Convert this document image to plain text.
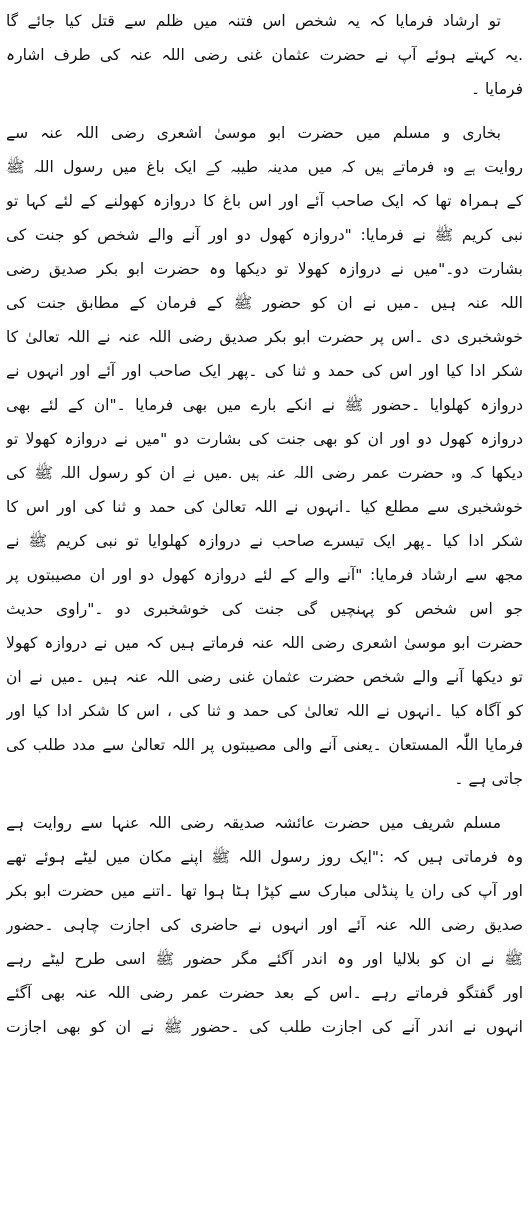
تو ارشاد فرمایا کہ یہ شخص اس فتنہ میں ظلم سے قتل کیا جائے گا
.یہ کہتے ہوئے آپ نے حضرت عثمان غنی رضی اللہ عنہ کی طرف اشارہ
فرمایا ۔
بخاری و مسلم میں حضرت ابو موسیٰ اشعری رضی اللہ عنہ سے
روایت ہے وہ فرماتے ہیں کہ میں مدینہ طیبہ کے ایک باغ میں رسول اللہ ﷺ
کے ہمراہ تھا کہ ایک صاحب آئے اور اس باغ کا دروازہ کھولنے کے لئے کہا تو
نبی کریم ﷺ نے فرمایا: "دروازہ کھول دو اور آنے والے شخص کو جنت کی
بشارت دو۔"میں نے دروازہ کھولا تو دیکھا وہ حضرت ابو بکر صدیق رضی
اللہ عنہ ہیں ۔میں نے ان کو حضور ﷺ کے فرمان کے مطابق جنت کی
خوشخبری دی ۔اس پر حضرت ابو بکر صدیق رضی اللہ عنہ نے اللہ تعالیٰ کا
شکر ادا کیا اور اس کی حمد و ثنا کی ۔پھر ایک صاحب اور آئے اور انہوں نے
دروازہ کھلوایا ۔حضور ﷺ نے انکے بارے میں بھی فرمایا ۔"ان کے لئے بھی
دروازہ کھول دو اور ان کو بھی جنت کی بشارت دو "میں نے دروازہ کھولا تو
دیکھا کہ وہ حضرت عمر رضی اللہ عنہ ہیں ۔میں نے ان کو رسول اللہ ﷺ کی
خوشخبری سے مطلع کیا ۔انہوں نے اللہ تعالیٰ کی حمد و ثنا کی اور اس کا
شکر ادا کیا ۔پھر ایک تیسرے صاحب نے دروازہ کھلوایا تو نبی کریم ﷺ نے
مجھ سے ارشاد فرمایا: "آنے والے کے لئے دروازہ کھول دو اور ان مصیبتوں پر
جو اس شخص کو پہنچیں گی جنت کی خوشخبری دو ۔"راوی حدیث
حضرت ابو موسیٰ اشعری رضی اللہ عنہ فرماتے ہیں کہ میں نے دروازہ کھولا
تو دیکھا آنے والے شخص حضرت عثمان غنی رضی اللہ عنہ ہیں ۔میں نے ان
کو آگاہ کیا ۔انہوں نے اللہ تعالیٰ کی حمد و ثنا کی ، اس کا شکر ادا کیا اور
فرمایا اللّٰہ المستعان ۔یعنی آنے والی مصیبتوں پر اللہ تعالیٰ سے مدد طلب کی
جاتی ہے ۔
مسلم شریف میں حضرت عائشہ صدیقہ رضی اللہ عنہا سے روایت ہے
وہ فرماتی ہیں کہ :"ایک روز رسول اللہ ﷺ اپنے مکان میں لیٹے ہوئے تھے
اور آپ کی ران یا پنڈلی مبارک سے کپڑا ہٹا ہوا تھا ۔اتنے میں حضرت ابو بکر
صدیق رضی اللہ عنہ آئے اور انہوں نے حاضری کی اجازت چاہی ۔حضور
ﷺ نے ان کو بلالیا اور وہ اندر آگئے مگر حضور ﷺ اسی طرح لیٹے رہے
اور گفتگو فرماتے رہے ۔اس کے بعد حضرت عمر رضی اللہ عنہ بھی آگئے
انہوں نے اندر آنے کی اجازت طلب کی ۔حضور ﷺ نے ان کو بھی اجازت
